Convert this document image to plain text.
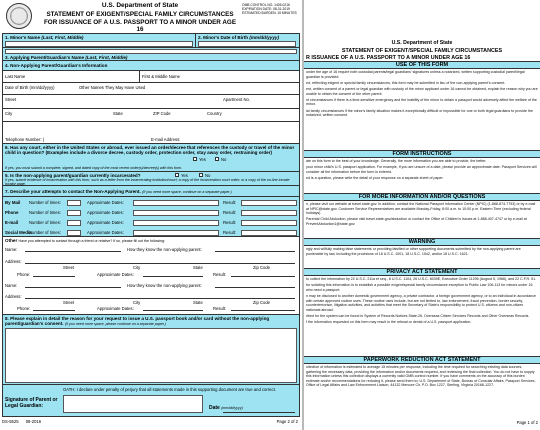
U.S. Department of State
STATEMENT OF EXIGENT/SPECIAL FAMILY CIRCUMSTANCES
FOR ISSUANCE OF A U.S. PASSPORT TO A MINOR UNDER AGE 16
OMB CONTROL NO. 1405-0216
EXPIRATION DATE: 08-31-2019
ESTIMATED BURDEN: 15 MINUTES
1. Minor's Name (Last, First, Middle)	2. Minor's Date of Birth (mm/dd/yyyy)
3. Applying Parent/Guardian's Name (Last, First, Middle)
4. Non-Applying Parent/Guardian's Information
Last Name	First & Middle Name
Date of Birth (mm/dd/yyyy)	Other Names They May Have Used
Street	Apartment No.
City	State	ZIP Code	Country
Telephone Number: (	E-mail Address:
6. Has any court, either in the United States or abroad, ever issued an order/decree that references the custody or travel of the minor child in question? (Examples include a divorce decree, custody order, protection order, stay away order, restraining order)
Yes	No
If yes, you must submit a complete, signed, and dated copy of the most recent order(s)/decree(s) with this form.
5. Is the non-applying parent/guardian currently incarcerated?	Yes	No
If yes, submit evidence of incarceration with this form, such as a letter from the incarcerating institution/court; a copy of the incarceration court order; or a copy of the on-line inmate locator page.
7. Describe your attempts to contact the Non-Applying Parent. (If you need more space, continue on a separate paper.)
By Mail Number of times:	Approximate Dates:	Result:
Phone	Number of times:	Approximate Dates:	Result:
E-mail	Number of times:	Approximate Dates:	Result:
Social Media
Number of times:	Approximate Dates:	Result:
Other Have you attempted to contact through a friend or relative? If so, please fill out the following:
Name:	How they know the non-applying parent:
Address:
Street	City	State	Zip Code
Phone:	Approximate Dates:	Result:
Name:	How they know the non-applying parent:
Address:
Street	City	State	Zip Code
Phone:	Approximate Dates:	Result:
8. Please explain in detail the reason for your request to issue a U.S. passport book and/or card without the non-applying parent/guardian's consent. (If you need more space, please continue on a separate paper.)
OATH: I declare under penalty of perjury that all statements made in this supporting document are true and correct.
Signature of Parent or Legal Guardian:	Date (mm/dd/yyyy)
DS-5525 08-2016	Page 2 of 2
U.S. Department of State
STATEMENT OF EXIGENT/SPECIAL FAMILY CIRCUMSTANCES
R ISSUANCE OF A U.S. PASSPORT TO A MINOR UNDER AGE 16
USE OF THIS FORM

under the age of 16 require both custodial parents/legal guardians' signatures unless a notarized, written supporting custodial parent/legal guardian is provided.

ed, reflecting exigent or special family circumstances, this form may be submitted in lieu of the non-applying parent's consent.

ent, written consent of a parent or legal guardian with custody of the minor applicant under 16 cannot be obtained, explain the reason why you are unable to obtain the consent of the other parent.

nt circumstances if there is a time-sensitive emergency and the inability of the minor to obtain a passport would adversely affect the welfare of the minor.

ial family circumstances if the minor's family situation makes it exceptionally difficult or impossible for one or both legal guardians to provide the notarized, written consent.

FORM INSTRUCTIONS

ate on this form to the best of your knowledge. Generally, the more information you are able to provide, the better.

your minor child's U.S. passport application. For example, if you are unsure of a date, please provide an approximate date. Passport Services will consider all the information before the form is entered.

ed is a question, please write the detail of your response on a separate sheet of paper.

FOR MORE INFORMATION AND/OR QUESTIONS

n, please visit our website at travel.state.gov. In addition, contact the National Passport Information Center (NPIC) (1-888-874-7793) or by e-mail at NPIC@state.gov. Customer Service Representatives are available Monday-Friday, 8:00 a.m. to 10:00 p.m. Eastern Time (excluding federal holidays).

Parental Child Abduction, please visit travel.state.gov/abduction or contact the Office of Children's Issues at 1-888-407-4747 or by e-mail at PreventAbduction1@state.gov.

WARNING

ngly and willfully making false statements or providing falsified or other supporting documents submitted by the non-applying parent are punishable by law, including the provisions of 18 U.S.C. 1001, 18 U.S.C. 1542, and/or 18 U.S.C. 1621.

PRIVACY ACT STATEMENT

to collect the information by 22 U.S.C. 211a et seq., 8 U.S.C. 1104, 26 U.S.C. 6039E, Executive Order 11295 (August 5, 1966), and 22 C.F.R. 51.

for soliciting this information is to establish a possible exigent/special family circumstance exception to Public Law 106-113 for minors under 16 who need a passport.

n may be disclosed to another domestic government agency, a private contractor, a foreign government agency, or to an individual in accordance with certain approved routine uses. These routine uses include, but are not limited to, law enforcement, fraud prevention, border security, counterterrorism, litigation activities, and activities that meet the Secretary of State's responsibility to protect U.S. citizens and non-citizen nationals abroad.

ribed for the system can be found in System of Records Notices State-26, Overseas Citizen Services Records and Other Overseas Records.

f the information requested on this form may result in the refusal or denial of a U.S. passport application.

PAPERWORK REDUCTION ACT STATEMENT

ollection of information is estimated to average 15 minutes per response, including the time required for searching existing data sources, gathering the necessary data, providing the information and/or documents required, and reviewing the final collection. You do not have to supply this information unless this collection displays a currently valid OMB control number. If you have comments on the accuracy of this burden estimate and/or recommendations for reducing it, please send them to: U.S. Department of State, Bureau of Consular Affairs, Passport Services, Office of Legal Affairs and Law Enforcement Liaison, 44132 Mercure Cir, P.O. Box 1227, Sterling, Virginia 20166-1227.

Page 1 of 2
